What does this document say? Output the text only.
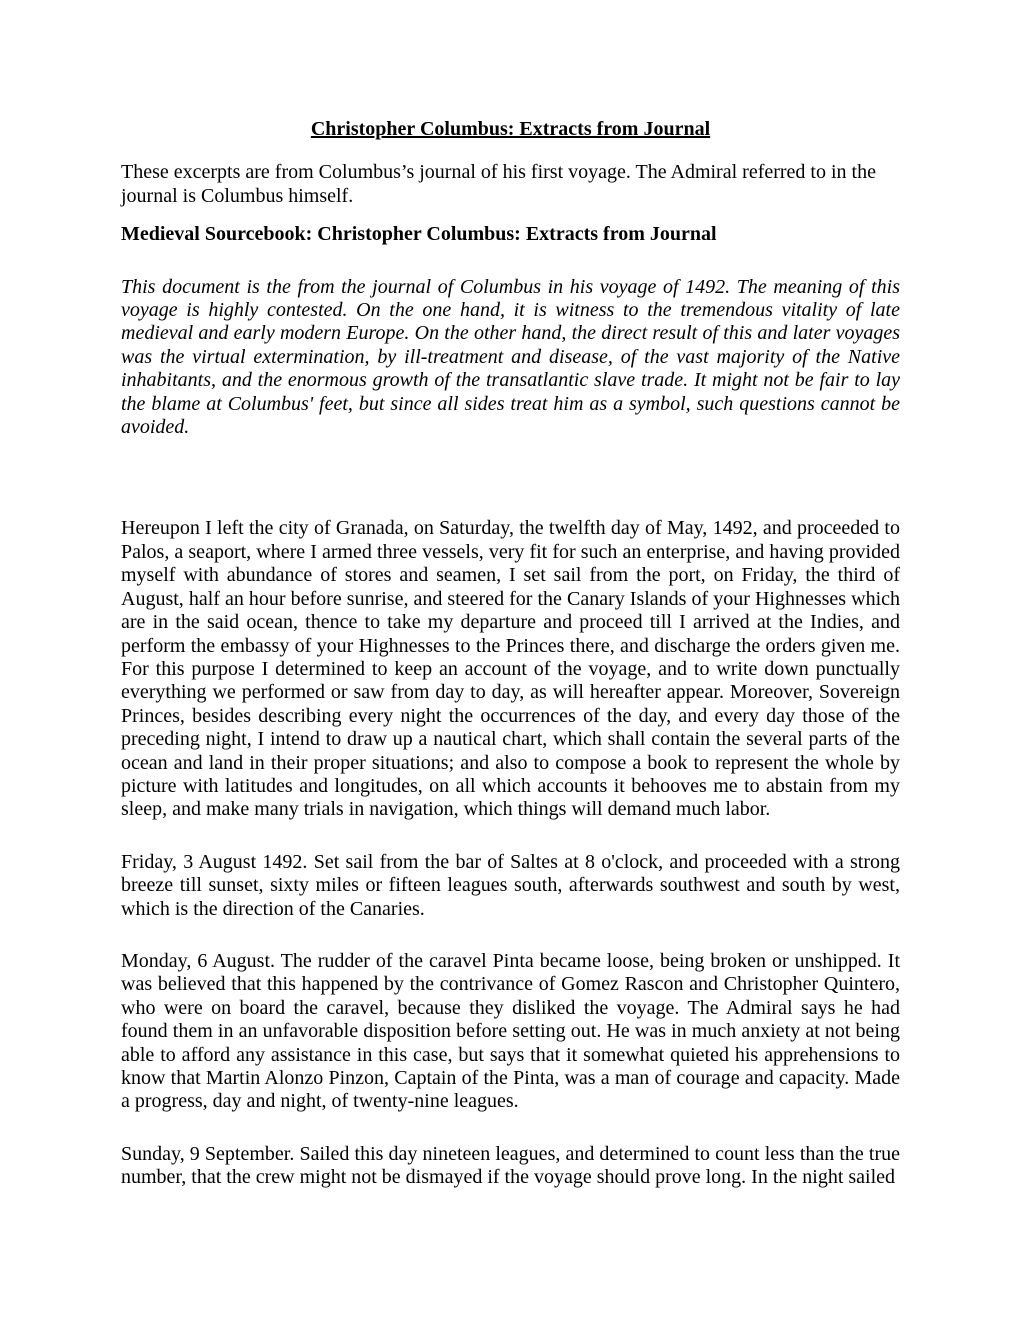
Christopher Columbus: Extracts from Journal

These excerpts are from Columbus’s journal of his first voyage. The Admiral referred to in the journal is Columbus himself.

Medieval Sourcebook: Christopher Columbus: Extracts from Journal

This document is the from the journal of Columbus in his voyage of 1492. The meaning of this voyage is highly contested. On the one hand, it is witness to the tremendous vitality of late medieval and early modern Europe. On the other hand, the direct result of this and later voyages was the virtual extermination, by ill-treatment and disease, of the vast majority of the Native inhabitants, and the enormous growth of the transatlantic slave trade. It might not be fair to lay the blame at Columbus' feet, but since all sides treat him as a symbol, such questions cannot be avoided.

Hereupon I left the city of Granada, on Saturday, the twelfth day of May, 1492, and proceeded to Palos, a seaport, where I armed three vessels, very fit for such an enterprise, and having provided myself with abundance of stores and seamen, I set sail from the port, on Friday, the third of August, half an hour before sunrise, and steered for the Canary Islands of your Highnesses which are in the said ocean, thence to take my departure and proceed till I arrived at the Indies, and perform the embassy of your Highnesses to the Princes there, and discharge the orders given me. For this purpose I determined to keep an account of the voyage, and to write down punctually everything we performed or saw from day to day, as will hereafter appear. Moreover, Sovereign Princes, besides describing every night the occurrences of the day, and every day those of the preceding night, I intend to draw up a nautical chart, which shall contain the several parts of the ocean and land in their proper situations; and also to compose a book to represent the whole by picture with latitudes and longitudes, on all which accounts it behooves me to abstain from my sleep, and make many trials in navigation, which things will demand much labor.

Friday, 3 August 1492. Set sail from the bar of Saltes at 8 o'clock, and proceeded with a strong breeze till sunset, sixty miles or fifteen leagues south, afterwards southwest and south by west, which is the direction of the Canaries.

Monday, 6 August. The rudder of the caravel Pinta became loose, being broken or unshipped. It was believed that this happened by the contrivance of Gomez Rascon and Christopher Quintero, who were on board the caravel, because they disliked the voyage. The Admiral says he had found them in an unfavorable disposition before setting out. He was in much anxiety at not being able to afford any assistance in this case, but says that it somewhat quieted his apprehensions to know that Martin Alonzo Pinzon, Captain of the Pinta, was a man of courage and capacity. Made a progress, day and night, of twenty-nine leagues.

Sunday, 9 September. Sailed this day nineteen leagues, and determined to count less than the true number, that the crew might not be dismayed if the voyage should prove long. In the night sailed
